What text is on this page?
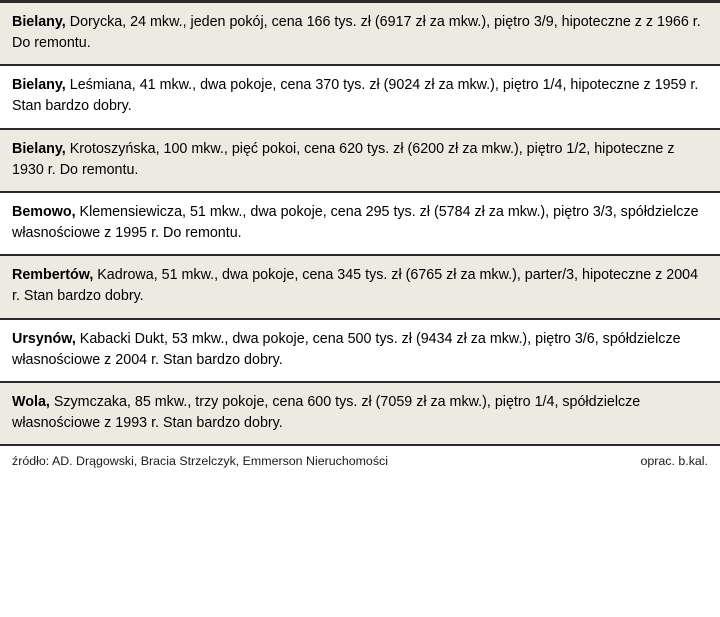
Bielany, Dorycka, 24 mkw., jeden pokój, cena 166 tys. zł (6917 zł za mkw.), piętro 3/9, hipoteczne z z 1966 r. Do remontu.
Bielany, Leśmiana, 41 mkw., dwa pokoje, cena 370 tys. zł (9024 zł za mkw.), piętro 1/4, hipoteczne z 1959 r. Stan bardzo dobry.
Bielany, Krotoszyńska, 100 mkw., pięć pokoi, cena 620 tys. zł (6200 zł za mkw.), piętro 1/2, hipoteczne z 1930 r. Do remontu.
Bemowo, Klemensiewicza, 51 mkw., dwa pokoje, cena 295 tys. zł (5784 zł za mkw.), piętro 3/3, spółdzielcze własnościowe z 1995 r. Do remontu.
Rembertów, Kadrowa, 51 mkw., dwa pokoje, cena 345 tys. zł (6765 zł za mkw.), parter/3, hipoteczne z 2004 r. Stan bardzo dobry.
Ursynów, Kabacki Dukt, 53 mkw., dwa pokoje, cena 500 tys. zł (9434 zł za mkw.), piętro 3/6, spółdzielcze własnościowe z 2004 r. Stan bardzo dobry.
Wola, Szymczaka, 85 mkw., trzy pokoje, cena 600 tys. zł (7059 zł za mkw.), piętro 1/4, spółdzielcze własnościowe z 1993 r. Stan bardzo dobry.
źródło: AD. Drągowski, Bracia Strzelczyk, Emmerson Nieruchomości	oprac. b.kal.
